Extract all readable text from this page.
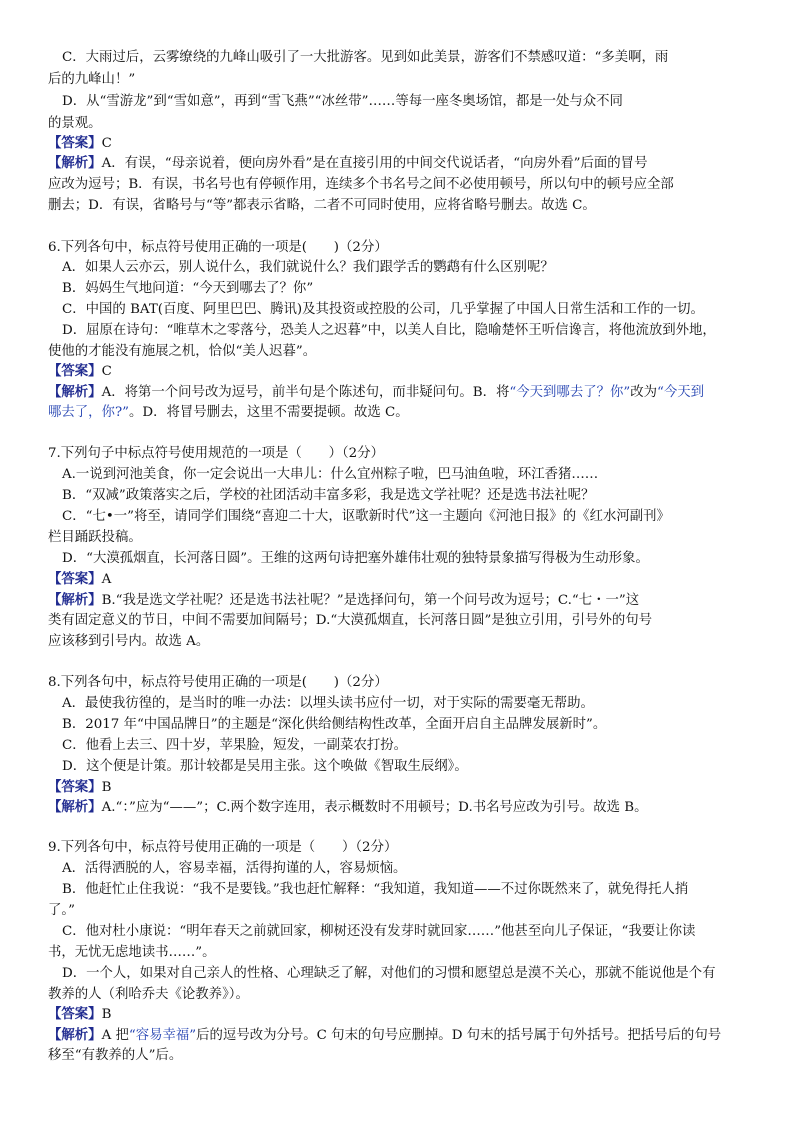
C．大雨过后，云雾缭绕的九峰山吸引了一大批游客。见到如此美景，游客们不禁感叹道：“多美啊，雨
后的九峰山！”
D．从“雪游龙”到“雪如意”，再到“雪飞燕”“冰丝带”……等每一座冬奥场馆，都是一处与众不同
的景观。
【答案】C
【解析】A．有误，“母亲说着，便向房外看”是在直接引用的中间交代说话者，“向房外看”后面的冒号
应改为逗号；B．有误，书名号也有停顿作用，连续多个书名号之间不必使用顿号，所以句中的顿号应全部
删去；D．有误，省略号与“等”都表示省略，二者不可同时使用，应将省略号删去。故选 C。
6.下列各句中，标点符号使用正确的一项是(　　)（2分）
A．如果人云亦云，别人说什么，我们就说什么？我们跟学舌的鹦鹉有什么区别呢？
B．妈妈生气地问道：“今天到哪去了？你”
C．中国的 BAT(百度、阿里巴巴、腾讯)及其投资或控股的公司，几乎掌握了中国人日常生活和工作的一切。
D．屈原在诗句：“唯草木之零落兮，恐美人之迟暮”中，以美人自比，隐喻楚怀王听信谗言，将他流放到外地，
使他的才能没有施展之机，恰似“美人迟暮”。
【答案】C
【解析】A．将第一个问号改为逗号，前半句是个陈述句，而非疑问句。B．将“今天到哪去了？你”改为“今天到
哪去了，你?”。D．将冒号删去，这里不需要提顿。故选 C。
7.下列句子中标点符号使用规范的一项是（　　）（2分）
A.一说到河池美食，你一定会说出一大串儿：什么宜州粽子啦，巴马油鱼啦，环江香猪……
B．“双减”政策落实之后，学校的社团活动丰富多彩，我是选文学社呢？还是选书法社呢？
C．“七•一”将至，请同学们围绕“喜迎二十大，讴歌新时代”这一主题向《河池日报》的《红水河副刊》
栏目踊跃投稿。
D．“大漠孤烟直，长河落日圆”。王维的这两句诗把塞外雄伟壮观的独特景象描写得极为生动形象。
【答案】A
【解析】B.“我是选文学社呢？还是选书法社呢？”是选择问句，第一个问号改为逗号；C.“七・一”这
类有固定意义的节日，中间不需要加间隔号；D.“大漠孤烟直，长河落日圆”是独立引用，引号外的句号
应该移到引号内。故选 A。
8.下列各句中，标点符号使用正确的一项是(　　)（2分）
A．最使我彷徨的，是当时的唯一办法：以埋头读书应付一切，对于实际的需要毫无帮助。
B．2017 年“中国品牌日”的主题是“深化供给侧结构性改革，全面开启自主品牌发展新时”。
C．他看上去三、四十岁，苹果脸，短发，一副菜农打扮。
D．这个便是计策。那计较都是吴用主张。这个唤做《智取生辰纲》。
【答案】B
【解析】A.“：”应为“——”；C.两个数字连用，表示概数时不用顿号；D.书名号应改为引号。故选 B。
9.下列各句中，标点符号使用正确的一项是（　　）（2分）
A．活得洒脱的人，容易幸福，活得拘谨的人，容易烦恼。
B．他赶忙止住我说：“我不是要钱。”我也赶忙解释：“我知道，我知道——不过你既然来了，就免得托人捎
了。”
C．他对杜小康说：“明年春天之前就回家，柳树还没有发芽时就回家……”他甚至向儿子保证，“我要让你读
书，无忧无虑地读书……”。
D．一个人，如果对自己亲人的性格、心理缺乏了解，对他们的习惯和愿望总是漠不关心，那就不能说他是个有
教养的人（利哈乔夫《论教养》）。
【答案】B
【解析】A 把“容易幸福”后的逗号改为分号。C 句末的句号应删掉。D 句末的括号属于句外括号。把括号后的句号
移至“有教养的人”后。
